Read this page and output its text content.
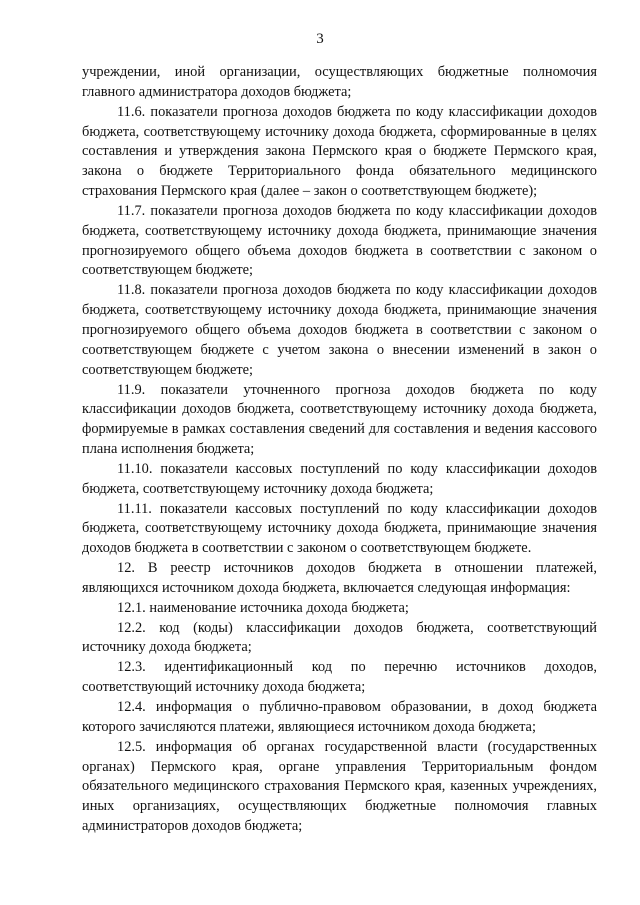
3

учреждении, иной организации, осуществляющих бюджетные полномочия главного администратора доходов бюджета;

11.6. показатели прогноза доходов бюджета по коду классификации доходов бюджета, соответствующему источнику дохода бюджета, сформированные в целях составления и утверждения закона Пермского края о бюджете Пермского края, закона о бюджете Территориального фонда обязательного медицинского страхования Пермского края (далее – закон о соответствующем бюджете);

11.7. показатели прогноза доходов бюджета по коду классификации доходов бюджета, соответствующему источнику дохода бюджета, принимающие значения прогнозируемого общего объема доходов бюджета в соответствии с законом о соответствующем бюджете;

11.8. показатели прогноза доходов бюджета по коду классификации доходов бюджета, соответствующему источнику дохода бюджета, принимающие значения прогнозируемого общего объема доходов бюджета в соответствии с законом о соответствующем бюджете с учетом закона о внесении изменений в закон о соответствующем бюджете;

11.9. показатели уточненного прогноза доходов бюджета по коду классификации доходов бюджета, соответствующему источнику дохода бюджета, формируемые в рамках составления сведений для составления и ведения кассового плана исполнения бюджета;

11.10. показатели кассовых поступлений по коду классификации доходов бюджета, соответствующему источнику дохода бюджета;

11.11. показатели кассовых поступлений по коду классификации доходов бюджета, соответствующему источнику дохода бюджета, принимающие значения доходов бюджета в соответствии с законом о соответствующем бюджете.

12. В реестр источников доходов бюджета в отношении платежей, являющихся источником дохода бюджета, включается следующая информация:

12.1. наименование источника дохода бюджета;

12.2. код (коды) классификации доходов бюджета, соответствующий источнику дохода бюджета;

12.3. идентификационный код по перечню источников доходов, соответствующий источнику дохода бюджета;

12.4. информация о публично-правовом образовании, в доход бюджета которого зачисляются платежи, являющиеся источником дохода бюджета;

12.5. информация об органах государственной власти (государственных органах) Пермского края, органе управления Территориальным фондом обязательного медицинского страхования Пермского края, казенных учреждениях, иных организациях, осуществляющих бюджетные полномочия главных администраторов доходов бюджета;
